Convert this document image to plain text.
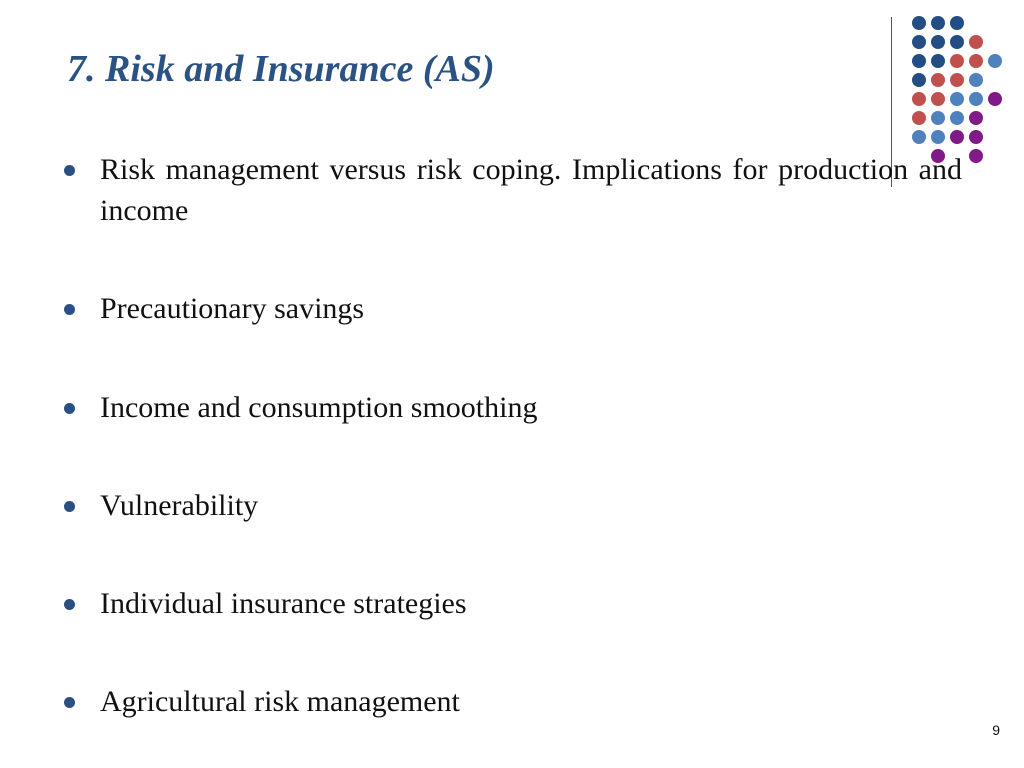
7. Risk and Insurance (AS)
Risk management versus risk coping. Implications for production and income
Precautionary savings
Income and consumption smoothing
Vulnerability
Individual insurance strategies
Agricultural risk management
9
